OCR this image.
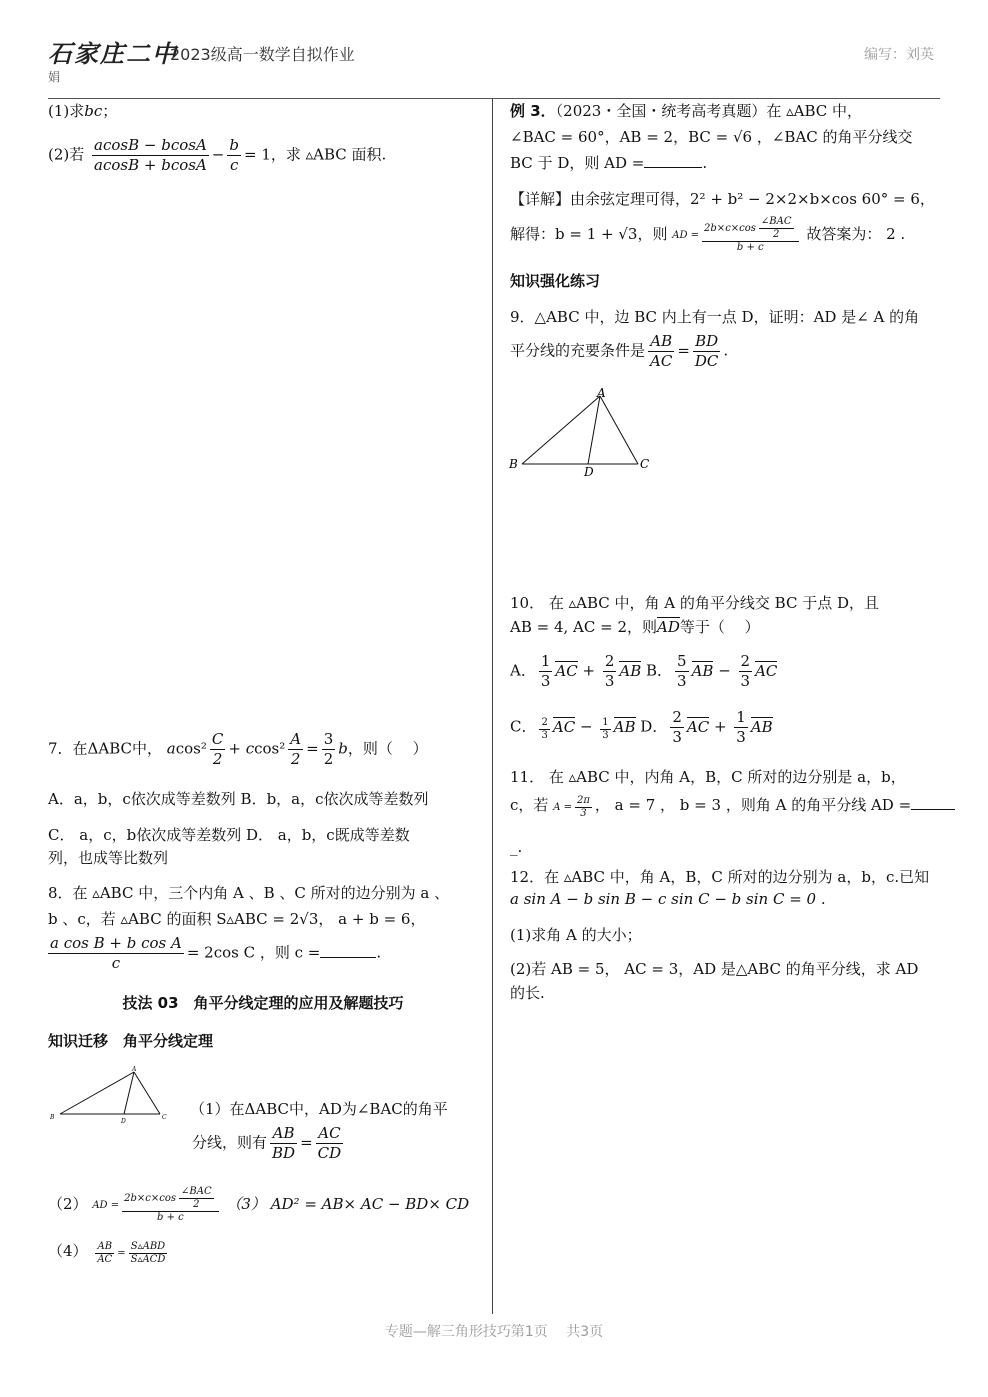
石家庄二中
2023级高一数学自拟作业
娟
编写：刘英
(1)求bc；
(2)若 $\frac{acosB - bcosA}{acosB + bcosA} - \frac{b}{c} = 1$，求 ▵ABC 面积.
7．在ΔABC中， $acos^2 \frac{C}{2} + ccos^2 \frac{A}{2} = \frac{3}{2}$ b，则（　 ）
A．a，b，c依次成等差数列 B．b，a，c依次成等差数列
C． a，c，b依次成等差数列 D． a，b，c既成等差数
列，也成等比数列
8．在 ▵ABC 中，三个内角 A 、B 、C 所对的边分别为 a 、
b 、c，若 ▵ABC 的面积 S▵ABC = 2√3， a + b = 6，
$\frac{\text{a cos B + b cos A}}{c} = 2\cos$ C ，则 c =	.
技法 03　角平分线定理的应用及解题技巧
知识迁移　角平分线定理
A
B	C
D
（1）在ΔABC中，AD为∠BAC的角平
分线，则有 $\frac{AB}{BD} = \frac{AC}{CD}$
（2） AD = $\frac{2b\times c\times\cos \frac{\text{∠BAC}}{2}}{b + c} (3) AD^2 = AB\times$ AC − BD× CD
$(4) \frac{AB}{AC} = \frac{\text{S▵ABD}}{\text{S▵ACD}}$
例 3．（2023・全国・统考高考真题）在 ▵ABC 中，
∠BAC = 60°，AB = 2，BC = √6 ，∠BAC 的角平分线交
BC 于 D，则 AD =	.
【详解】由余弦定理可得，2² + b² − 2×2×b×cos 60° = 6，
解得：b = 1 + √3，则 AD = $\frac{2b\times c\times\cos \frac{\text{∠BAC}}{2}}{b + c}$ 故答案为： 2 .
知识强化练习
9．△ABC 中，边 BC 内上有一点 D，证明：AD 是∠ A 的角
平分线的充要条件是 $\frac{AB}{AC} = \frac{BD}{DC}$ .
A
B	C
D
10． 在 ▵ABC 中，角 A 的角平分线交 BC 于点 D，且
AB = 4, AC = 2，则AD等于（　 ）
A． $\frac{1}{3}$ AC + $\frac{2}{3}$ AB B． $\frac{5}{3}$ AB − $\frac{2}{3}$ AC
C． $\frac{2}{3}$ AC − $\frac{1}{3}$ AB D． $\frac{2}{3}$ AC + $\frac{1}{3}$ AB
11． 在 ▵ABC 中，内角 A，B，C 所对的边分别是 a，b，
c，若 $A = \frac{2\pi}{3}$ ， a = 7 ， b = 3 ，则角 A 的角平分线 AD =
_.
12．在 ▵ABC 中，角 A，B，C 所对的边分别为 a，b，c.已知
a sin A − b sin B − c sin C − b sin C = 0 .
(1)求角 A 的大小；
(2)若 AB = 5， AC = 3，AD 是△ABC 的角平分线，求 AD
的长.
专题—解三角形技巧第1页　 共3页
